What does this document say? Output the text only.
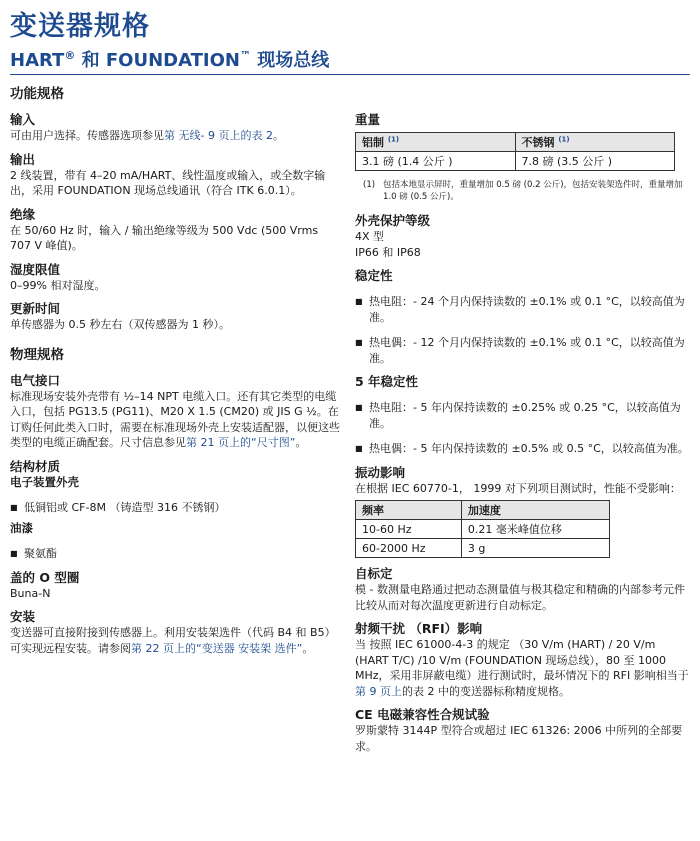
变送器规格
HART® 和 FOUNDATION™ 现场总线
功能规格
输入

可由用户选择。传感器选项参见第 无线- 9 页上的表 2。

输出

2 线装置，带有 4–20 mA/HART、线性温度或输入，或全数字输出，采用 FOUNDATION 现场总线通讯（符合 ITK 6.0.1）。

绝缘

在 50/60 Hz 时，输入 / 输出绝缘等级为 500 Vdc (500 Vrms 707 V 峰值)。

湿度限值

0–99% 相对湿度。

更新时间

单传感器为 0.5 秒左右（双传感器为 1 秒）。

物理规格
电气接口

标准现场安装外壳带有 ½–14 NPT 电缆入口。还有其它类型的电缆入口，包括 PG13.5 (PG11)、M20 X 1.5 (CM20) 或 JIS G ½。在订购任何此类入口时，需要在标准现场外壳上安装适配器，以便这些类型的电缆正确配套。尺寸信息参见第 21 页上的“尺寸图”。

结构材质
电子装置外壳
■ 低铜铝或 CF-8M （铸造型 316 不锈钢）
油漆
■ 聚氨酯
盖的 O 型圈

Buna-N

安装

变送器可直接附接到传感器上。利用安装架选件（代码 B4 和 B5）可实现远程安装。请参阅第 22 页上的“变送器 安装架 选件”。

重量
铝制 $^{(1)}$	不锈钢 $^{(1)}$
3.1 磅 (1.4 公斤 )	7.8 磅 (3.5 公斤 )
(1) 包括本地显示屏时，重量增加 0.5 磅 (0.2 公斤)，包括安装架选件时，重量增加 1.0 磅 (0.5 公斤)。
外壳保护等级

4X 型

IP66 和 IP68

稳定性
■ 热电阻：- 24 个月内保持读数的 ±0.1% 或 0.1 °C，以较高值为准。
■ 热电偶：- 12 个月内保持读数的 ±0.1% 或 0.1 °C，以较高值为准。
5 年稳定性
■ 热电阻：- 5 年内保持读数的 ±0.25% 或 0.25 °C，以较高值为准。
■ 热电偶：- 5 年内保持读数的 ±0.5% 或 0.5 °C，以较高值为准。
振动影响

在根据 IEC 60770-1， 1999 对下列项目测试时，性能不受影响：

频率	加速度
10-60 Hz	0.21 毫米峰值位移
60-2000 Hz	3 g
自标定

模 - 数测量电路通过把动态测量值与极其稳定和精确的内部参考元件比较从而对每次温度更新进行自动标定。

射频干扰 （RFI）影响

当 按照 IEC 61000-4-3 的规定 （30 V/m (HART) / 20 V/m (HART T/C) /10 V/m (FOUNDATION 现场总线），80 至 1000 MHz，采用非屏蔽电缆）进行测试时，最坏情况下的 RFI 影响相当于第 9 页上的表 2 中的变送器标称精度规格。

CE 电磁兼容性合规试验

罗斯蒙特 3144P 型符合或超过 IEC 61326: 2006 中所列的全部要求。
